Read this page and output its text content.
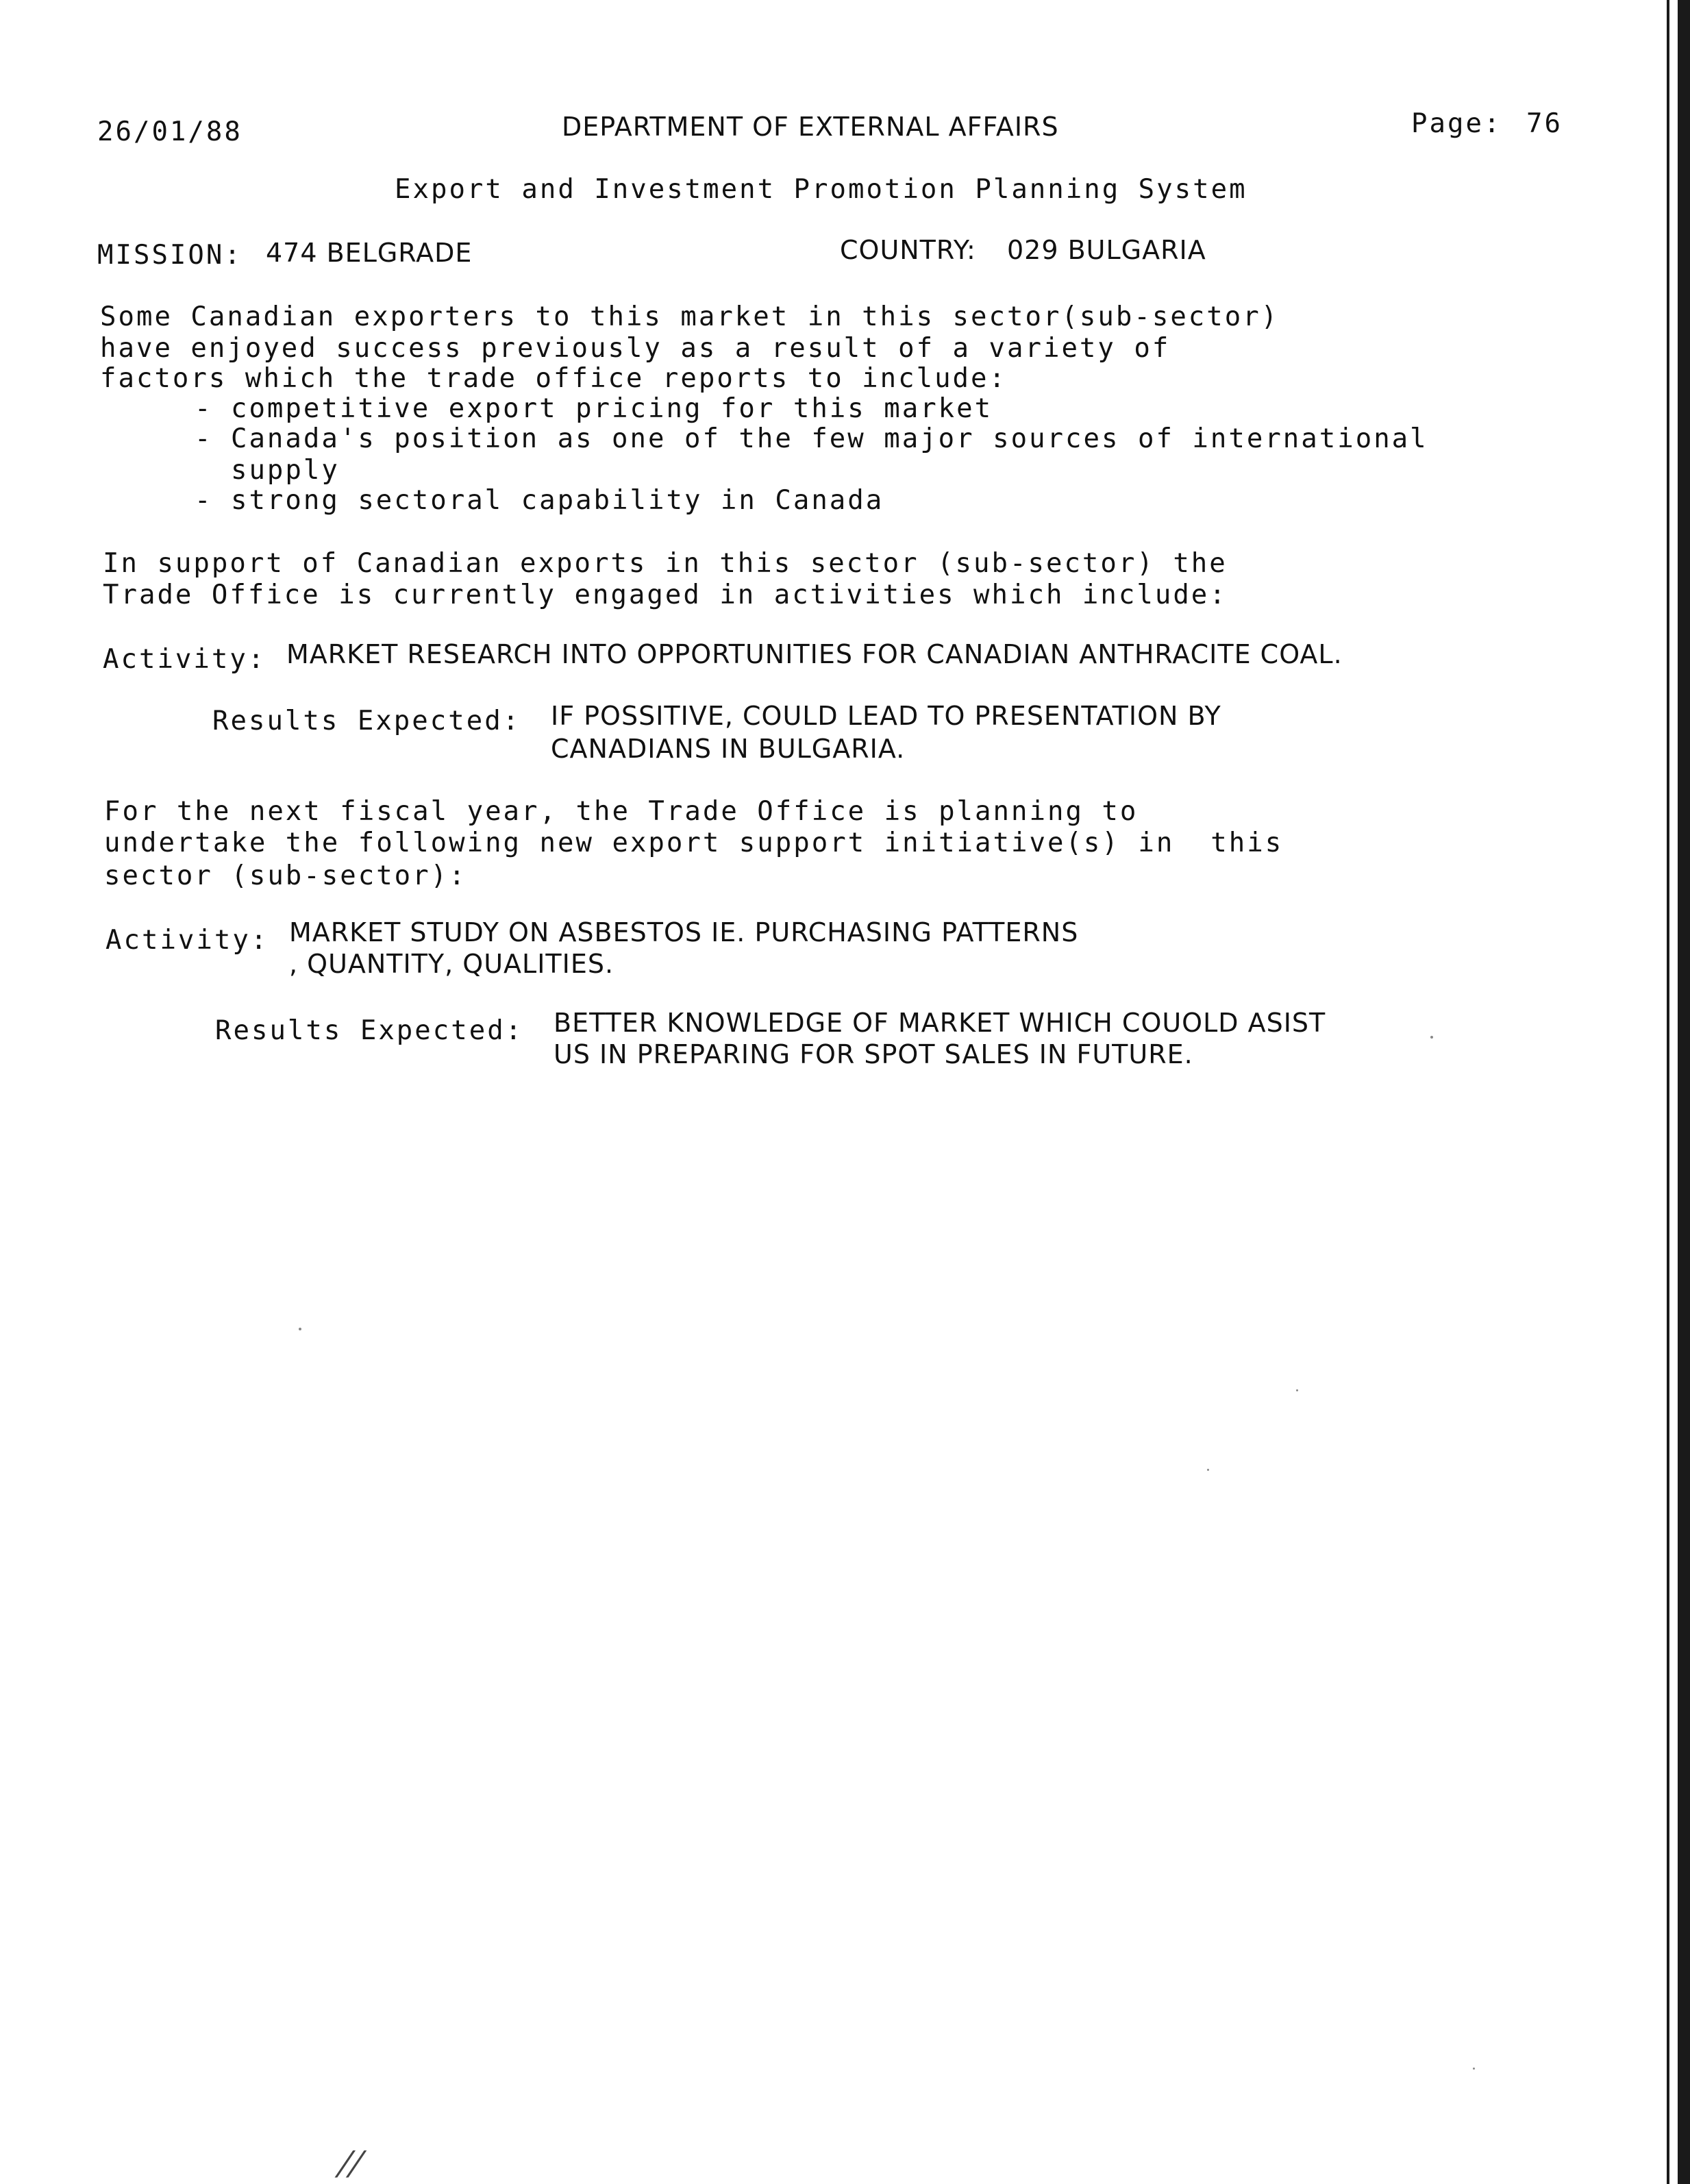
26/01/88	DEPARTMENT OF EXTERNAL AFFAIRS	Page: 76
Export and Investment Promotion Planning System
MISSION: 474 BELGRADE	COUNTRY: 029 BULGARIA
Some Canadian exporters to this market in this sector(sub-sector)
have enjoyed success previously as a result of a variety of
factors which the trade office reports to include:
- competitive export pricing for this market
- Canada's position as one of the few major sources of international
supply
- strong sectoral capability in Canada
In support of Canadian exports in this sector (sub-sector) the
Trade Office is currently engaged in activities which include:
Activity: MARKET RESEARCH INTO OPPORTUNITIES FOR CANADIAN ANTHRACITE COAL.
Results Expected: IF POSSITIVE, COULD LEAD TO PRESENTATION BY
CANADIANS IN BULGARIA.
For the next fiscal year, the Trade Office is planning to
undertake the following new export support initiative(s) in  this
sector (sub-sector):
Activity: MARKET STUDY ON ASBESTOS IE. PURCHASING PATTERNS
, QUANTITY, QUALITIES.
Results Expected: BETTER KNOWLEDGE OF MARKET WHICH COUOLD ASIST
US IN PREPARING FOR SPOT SALES IN FUTURE.
//
